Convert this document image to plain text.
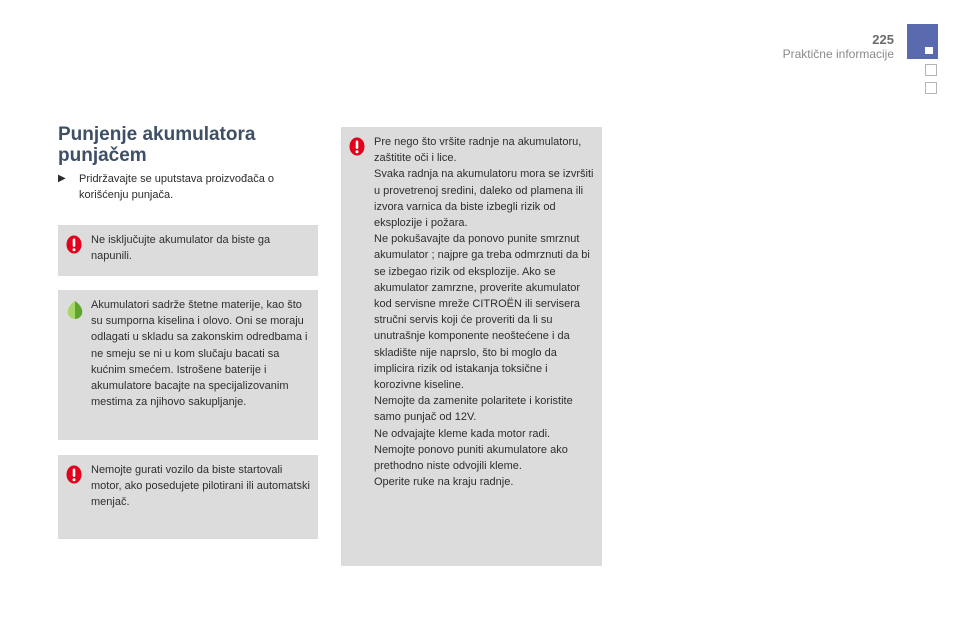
225
Praktične informacije
Punjenje akumulatora
punjačem
▶ Pridržavajte se uputstava proizvođača o korišćenju punjača.

Ne isključujte akumulator da biste ga napunili.

Akumulatori sadrže štetne materije, kao što su sumporna kiselina i olovo. Oni se moraju odlagati u skladu sa zakonskim odredbama i ne smeju se ni u kom slučaju bacati sa kućnim smećem. Istrošene baterije i akumulatore bacajte na specijalizovanim mestima za njihovo sakupljanje.

Nemojte gurati vozilo da biste startovali motor, ako posedujete pilotirani ili automatski menjač.

Pre nego što vršite radnje na akumulatoru, zaštitite oči i lice.

Svaka radnja na akumulatoru mora se izvršiti u provetrenoj sredini, daleko od plamena ili izvora varnica da biste izbegli rizik od eksplozije i požara.

Ne pokušavajte da ponovo punite smrznut akumulator ; najpre ga treba odmrznuti da bi se izbegao rizik od eksplozije. Ako se akumulator zamrzne, proverite akumulator kod servisne mreže CITROËN ili servisera stručni servis koji će proveriti da li su unutrašnje komponente neoštećene i da skladište nije naprslo, što bi moglo da implicira rizik od istakanja toksične i korozivne kiseline.

Nemojte da zamenite polaritete i koristite samo punjač od 12V.

Ne odvajajte kleme kada motor radi.

Nemojte ponovo puniti akumulatore ako prethodno niste odvojili kleme.

Operite ruke na kraju radnje.
